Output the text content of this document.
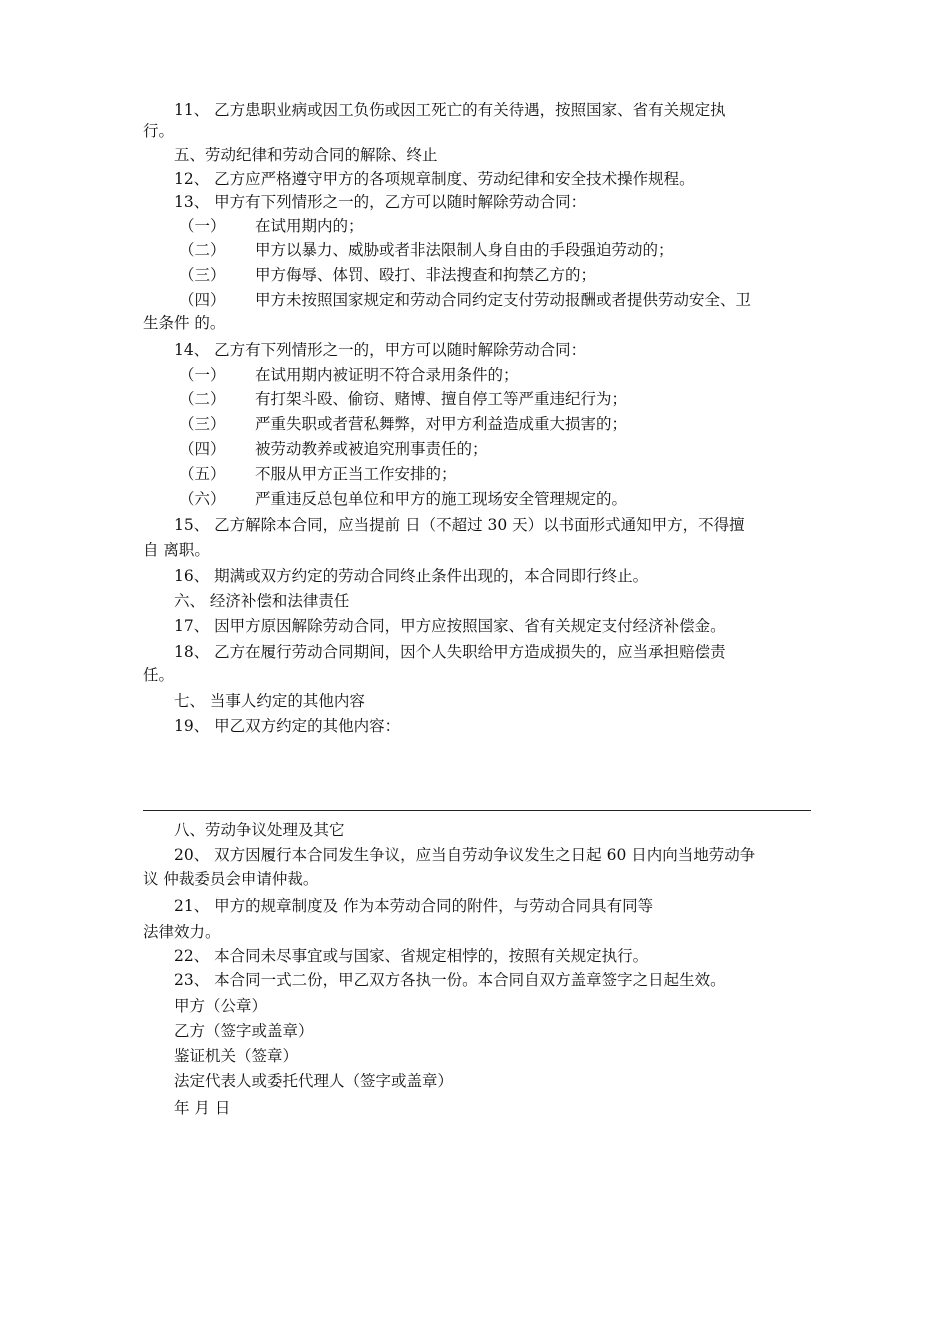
11、 乙方患职业病或因工负伤或因工死亡的有关待遇，按照国家、省有关规定执
行。
五、劳动纪律和劳动合同的解除、终止
12、 乙方应严格遵守甲方的各项规章制度、劳动纪律和安全技术操作规程。
13、 甲方有下列情形之一的，乙方可以随时解除劳动合同：
（一） 在试用期内的；
（二） 甲方以暴力、威胁或者非法限制人身自由的手段强迫劳动的；
（三） 甲方侮辱、体罚、殴打、非法搜查和拘禁乙方的；
（四） 甲方未按照国家规定和劳动合同约定支付劳动报酬或者提供劳动安全、卫
生条件 的。
14、 乙方有下列情形之一的，甲方可以随时解除劳动合同：
（一） 在试用期内被证明不符合录用条件的；
（二） 有打架斗殴、偷窃、赌博、擅自停工等严重违纪行为；
（三） 严重失职或者营私舞弊，对甲方利益造成重大损害的；
（四） 被劳动教养或被追究刑事责任的；
（五） 不服从甲方正当工作安排的；
（六） 严重违反总包单位和甲方的施工现场安全管理规定的。
15、 乙方解除本合同，应当提前 日（不超过 30 天）以书面形式通知甲方，不得擅
自 离职。
16、 期满或双方约定的劳动合同终止条件出现的，本合同即行终止。
六、 经济补偿和法律责任
17、 因甲方原因解除劳动合同，甲方应按照国家、省有关规定支付经济补偿金。
18、 乙方在履行劳动合同期间，因个人失职给甲方造成损失的，应当承担赔偿责
任。
七、 当事人约定的其他内容
19、 甲乙双方约定的其他内容：
八、劳动争议处理及其它
20、 双方因履行本合同发生争议，应当自劳动争议发生之日起 60 日内向当地劳动争
议 仲裁委员会申请仲裁。
21、 甲方的规章制度及 作为本劳动合同的附件，与劳动合同具有同等
法律效力。
22、 本合同未尽事宜或与国家、省规定相悖的，按照有关规定执行。
23、 本合同一式二份，甲乙双方各执一份。本合同自双方盖章签字之日起生效。
甲方（公章）
乙方（签字或盖章）
鉴证机关（签章）
法定代表人或委托代理人（签字或盖章）
年 月 日
